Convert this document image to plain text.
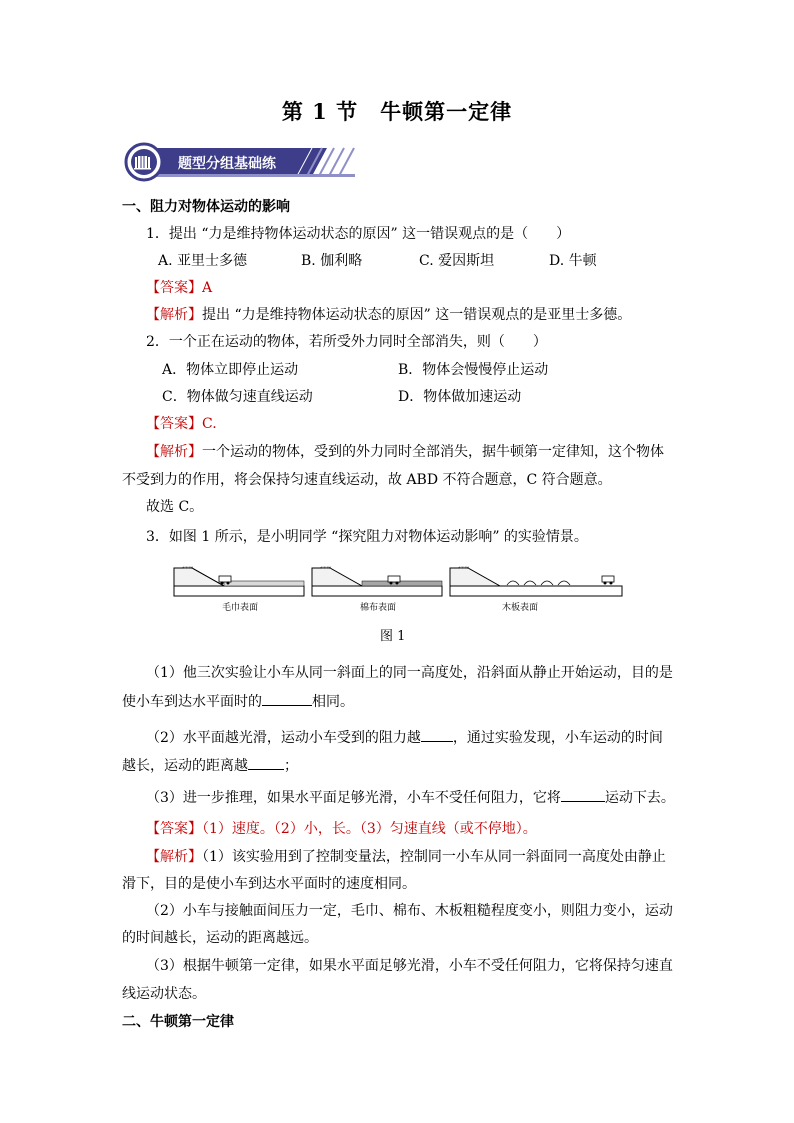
第 1 节　牛顿第一定律
题型分组基础练
一、阻力对物体运动的影响
1．提出 “力是维持物体运动状态的原因” 这一错误观点的是（　　）
A. 亚里士多德	B. 伽利略	C. 爱因斯坦	D. 牛顿
【答案】A
【解析】提出 “力是维持物体运动状态的原因” 这一错误观点的是亚里士多德。
2．一个正在运动的物体，若所受外力同时全部消失，则（　　）
A．物体立即停止运动	B．物体会慢慢停止运动
C．物体做匀速直线运动	D．物体做加速运动
【答案】C.
【解析】一个运动的物体，受到的外力同时全部消失，据牛顿第一定律知，这个物体
不受到力的作用，将会保持匀速直线运动，故 ABD 不符合题意，C 符合题意。
故选 C。
3．如图 1 所示，是小明同学 “探究阻力对物体运动影响” 的实验情景。
⟿	⟿	⟿
毛巾表面	棉布表面	木板表面
图 1
（1）他三次实验让小车从同一斜面上的同一高度处，沿斜面从静止开始运动，目的是
使小车到达水平面时的	相同。
（2）水平面越光滑，运动小车受到的阻力越 ，通过实验发现，小车运动的时间
越长，运动的距离越	；
（3）进一步推理，如果水平面足够光滑，小车不受任何阻力，它将	运动下去。
【答案】（1）速度。（2）小，长。（3）匀速直线（或不停地）。
【解析】（1）该实验用到了控制变量法，控制同一小车从同一斜面同一高度处由静止
滑下，目的是使小车到达水平面时的速度相同。
（2）小车与接触面间压力一定，毛巾、棉布、木板粗糙程度变小，则阻力变小，运动
的时间越长，运动的距离越远。
（3）根据牛顿第一定律，如果水平面足够光滑，小车不受任何阻力，它将保持匀速直
线运动状态。
二、牛顿第一定律
